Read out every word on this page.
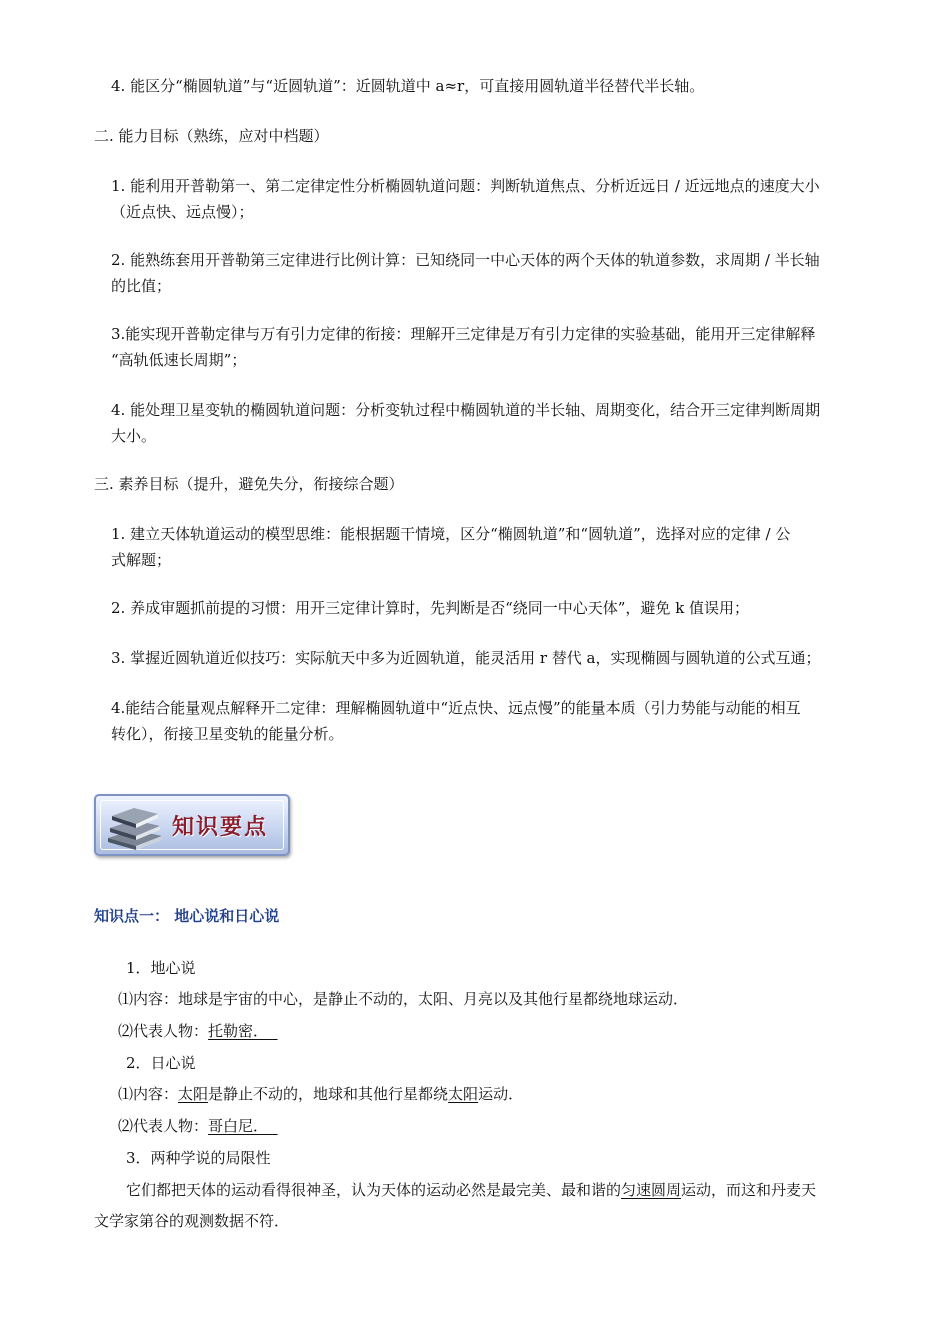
4. 能区分“椭圆轨道”与“近圆轨道”：近圆轨道中 a≈r，可直接用圆轨道半径替代半长轴。
二. 能力目标（熟练，应对中档题）
1. 能利用开普勒第一、第二定律定性分析椭圆轨道问题：判断轨道焦点、分析近远日 / 近远地点的速度大小
（近点快、远点慢）；
2. 能熟练套用开普勒第三定律进行比例计算：已知绕同一中心天体的两个天体的轨道参数，求周期 / 半长轴
的比值；
3.能实现开普勒定律与万有引力定律的衔接：理解开三定律是万有引力定律的实验基础，能用开三定律解释
“高轨低速长周期”；
4. 能处理卫星变轨的椭圆轨道问题：分析变轨过程中椭圆轨道的半长轴、周期变化，结合开三定律判断周期
大小。
三. 素养目标（提升，避免失分，衔接综合题）
1. 建立天体轨道运动的模型思维：能根据题干情境，区分“椭圆轨道”和“圆轨道”，选择对应的定律 / 公
式解题；
2. 养成审题抓前提的习惯：用开三定律计算时，先判断是否“绕同一中心天体”，避免 k 值误用；
3. 掌握近圆轨道近似技巧：实际航天中多为近圆轨道，能灵活用 r 替代 a，实现椭圆与圆轨道的公式互通；
4.能结合能量观点解释开二定律：理解椭圆轨道中“近点快、远点慢”的能量本质（引力势能与动能的相互
转化），衔接卫星变轨的能量分析。
知识要点
知识点一： 地心说和日心说
1．地心说
⑴内容：地球是宇宙的中心，是静止不动的，太阳、月亮以及其他行星都绕地球运动．
⑵代表人物：托勒密．
2．日心说
⑴内容：太阳是静止不动的，地球和其他行星都绕太阳运动．
⑵代表人物：哥白尼．
3．两种学说的局限性
它们都把天体的运动看得很神圣，认为天体的运动必然是最完美、最和谐的匀速圆周运动，而这和丹麦天
文学家第谷的观测数据不符．
